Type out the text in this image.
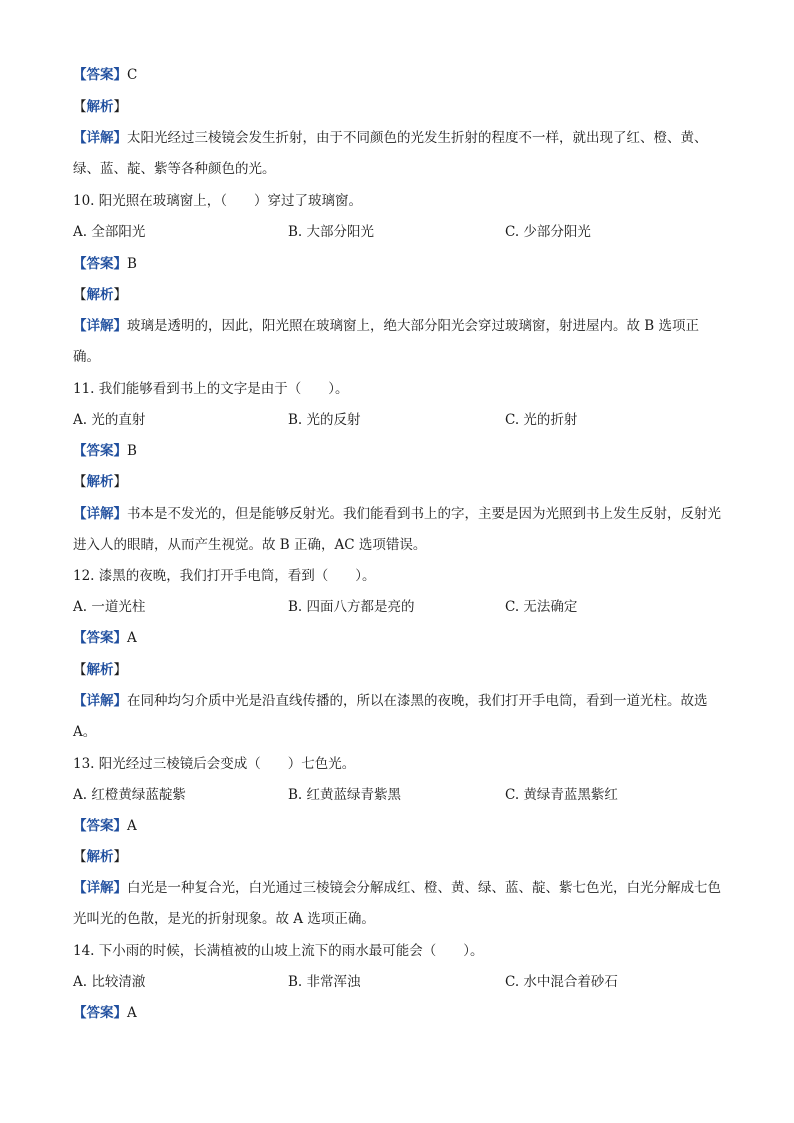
【答案】C
【解析】
【详解】太阳光经过三棱镜会发生折射，由于不同颜色的光发生折射的程度不一样，就出现了红、橙、黄、绿、蓝、靛、紫等各种颜色的光。
10. 阳光照在玻璃窗上，（　　）穿过了玻璃窗。
A. 全部阳光	B. 大部分阳光	C. 少部分阳光
【答案】B
【解析】
【详解】玻璃是透明的，因此，阳光照在玻璃窗上，绝大部分阳光会穿过玻璃窗，射进屋内。故 B 选项正确。
11. 我们能够看到书上的文字是由于（　　）。
A. 光的直射	B. 光的反射	C. 光的折射
【答案】B
【解析】
【详解】书本是不发光的，但是能够反射光。我们能看到书上的字，主要是因为光照到书上发生反射，反射光进入人的眼睛，从而产生视觉。故 B 正确，AC 选项错误。
12. 漆黑的夜晚，我们打开手电筒，看到（　　）。
A. 一道光柱	B. 四面八方都是亮的	C. 无法确定
【答案】A
【解析】
【详解】在同种均匀介质中光是沿直线传播的，所以在漆黑的夜晚，我们打开手电筒，看到一道光柱。故选 A。
13. 阳光经过三棱镜后会变成（　　）七色光。
A. 红橙黄绿蓝靛紫	B. 红黄蓝绿青紫黑	C. 黄绿青蓝黑紫红
【答案】A
【解析】
【详解】白光是一种复合光，白光通过三棱镜会分解成红、橙、黄、绿、蓝、靛、紫七色光，白光分解成七色光叫光的色散，是光的折射现象。故 A 选项正确。
14. 下小雨的时候，长满植被的山坡上流下的雨水最可能会（　　）。
A. 比较清澈	B. 非常浑浊	C. 水中混合着砂石
【答案】A
